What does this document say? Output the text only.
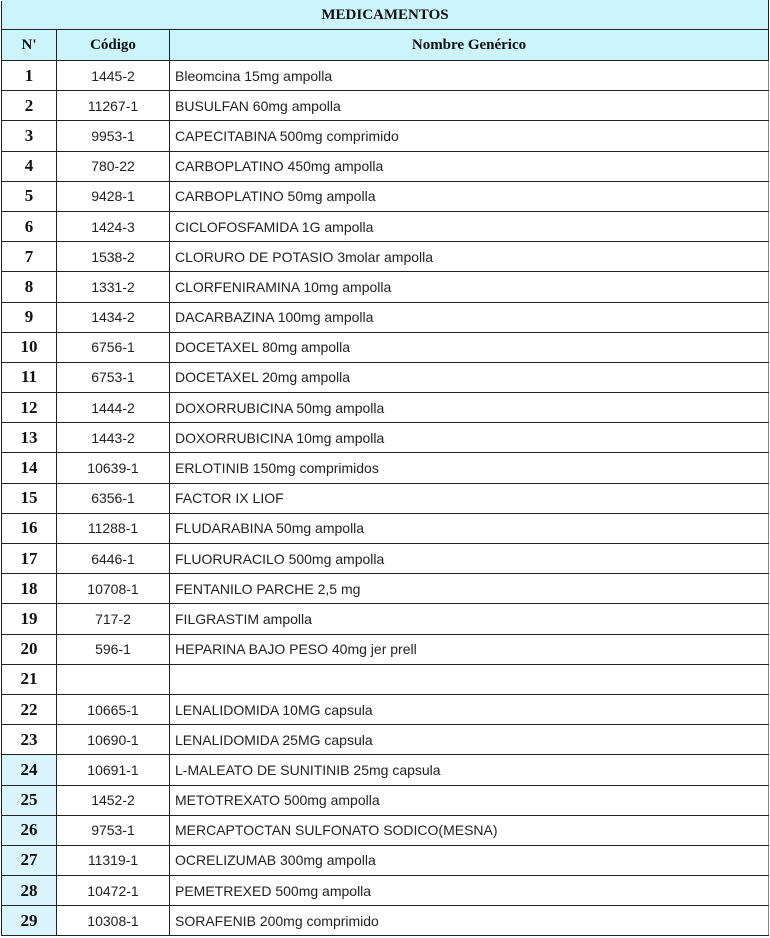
MEDICAMENTOS		
N'	Código	Nombre Genérico
1	1445-2	Bleomcina 15mg ampolla
2	11267-1	BUSULFAN 60mg ampolla
3	9953-1	CAPECITABINA 500mg comprimido
4	780-22	CARBOPLATINO 450mg ampolla
5	9428-1	CARBOPLATINO 50mg ampolla
6	1424-3	CICLOFOSFAMIDA 1G ampolla
7	1538-2	CLORURO DE POTASIO 3molar ampolla
8	1331-2	CLORFENIRAMINA 10mg ampolla
9	1434-2	DACARBAZINA 100mg ampolla
10	6756-1	DOCETAXEL 80mg ampolla
11	6753-1	DOCETAXEL 20mg ampolla
12	1444-2	DOXORRUBICINA 50mg ampolla
13	1443-2	DOXORRUBICINA 10mg ampolla
14	10639-1	ERLOTINIB 150mg comprimidos
15	6356-1	FACTOR IX LIOF
16	11288-1	FLUDARABINA 50mg ampolla
17	6446-1	FLUORURACILO 500mg ampolla
18	10708-1	FENTANILO PARCHE 2,5 mg
19	717-2	FILGRASTIM ampolla
20	596-1	HEPARINA BAJO PESO 40mg jer prell
21		
22	10665-1	LENALIDOMIDA 10MG capsula
23	10690-1	LENALIDOMIDA 25MG capsula
24	10691-1	L-MALEATO DE SUNITINIB 25mg capsula
25	1452-2	METOTREXATO 500mg ampolla
26	9753-1	MERCAPTOCTAN SULFONATO SODICO(MESNA)
27	11319-1	OCRELIZUMAB 300mg ampolla
28	10472-1	PEMETREXED 500mg ampolla
29	10308-1	SORAFENIB 200mg comprimido
